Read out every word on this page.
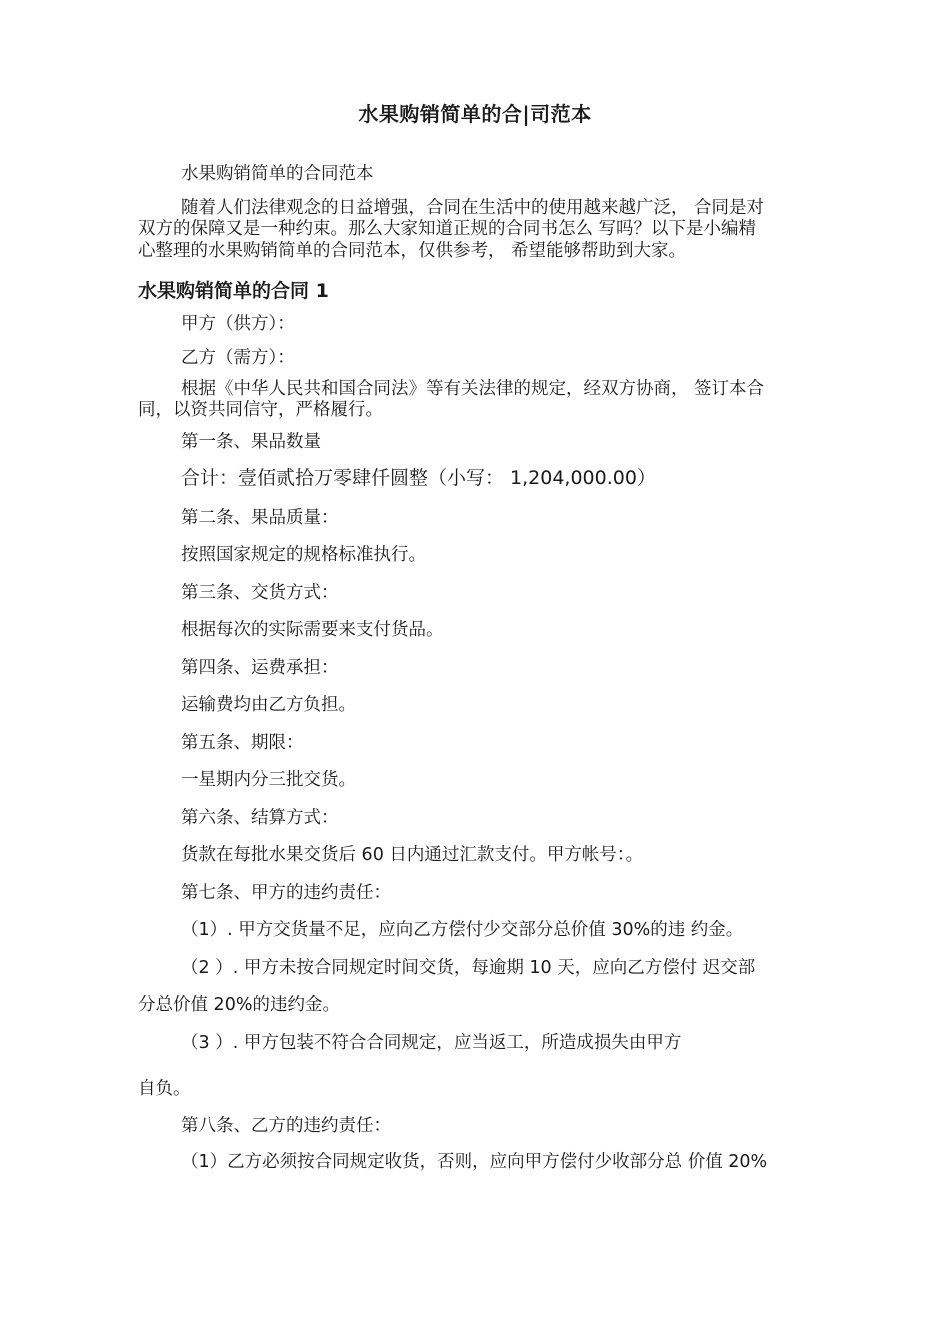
水果购销简单的合|司范本
水果购销简单的合同范本
随着人们法律观念的日益增强，合同在生活中的使用越来越广泛， 合同是对
双方的保障又是一种约束。那么大家知道正规的合同书怎么 写吗？以下是小编精
心整理的水果购销简单的合同范本，仅供参考， 希望能够帮助到大家。
水果购销简单的合同 1
甲方（供方）：
乙方（需方）：
根据《中华人民共和国合同法》等有关法律的规定，经双方协商， 签订本合
同，以资共同信守，严格履行。
第一条、果品数量
合计：壹佰贰拾万零肆仟圆整（小写： 1,204,000.00）
第二条、果品质量：
按照国家规定的规格标准执行。
第三条、交货方式：
根据每次的实际需要来支付货品。
第四条、运费承担：
运输费均由乙方负担。
第五条、期限：
一星期内分三批交货。
第六条、结算方式：
货款在每批水果交货后 60 日内通过汇款支付。甲方帐号：。
第七条、甲方的违约责任：
（1）. 甲方交货量不足，应向乙方偿付少交部分总价值 30%的违 约金。
（2 ）. 甲方未按合同规定时间交货，每逾期 10 天，应向乙方偿付 迟交部
分总价值 20%的违约金。
（3 ）. 甲方包装不符合合同规定，应当返工，所造成损失由甲方
自负。
第八条、乙方的违约责任：
（1）乙方必须按合同规定收货，否则，应向甲方偿付少收部分总 价值 20%
